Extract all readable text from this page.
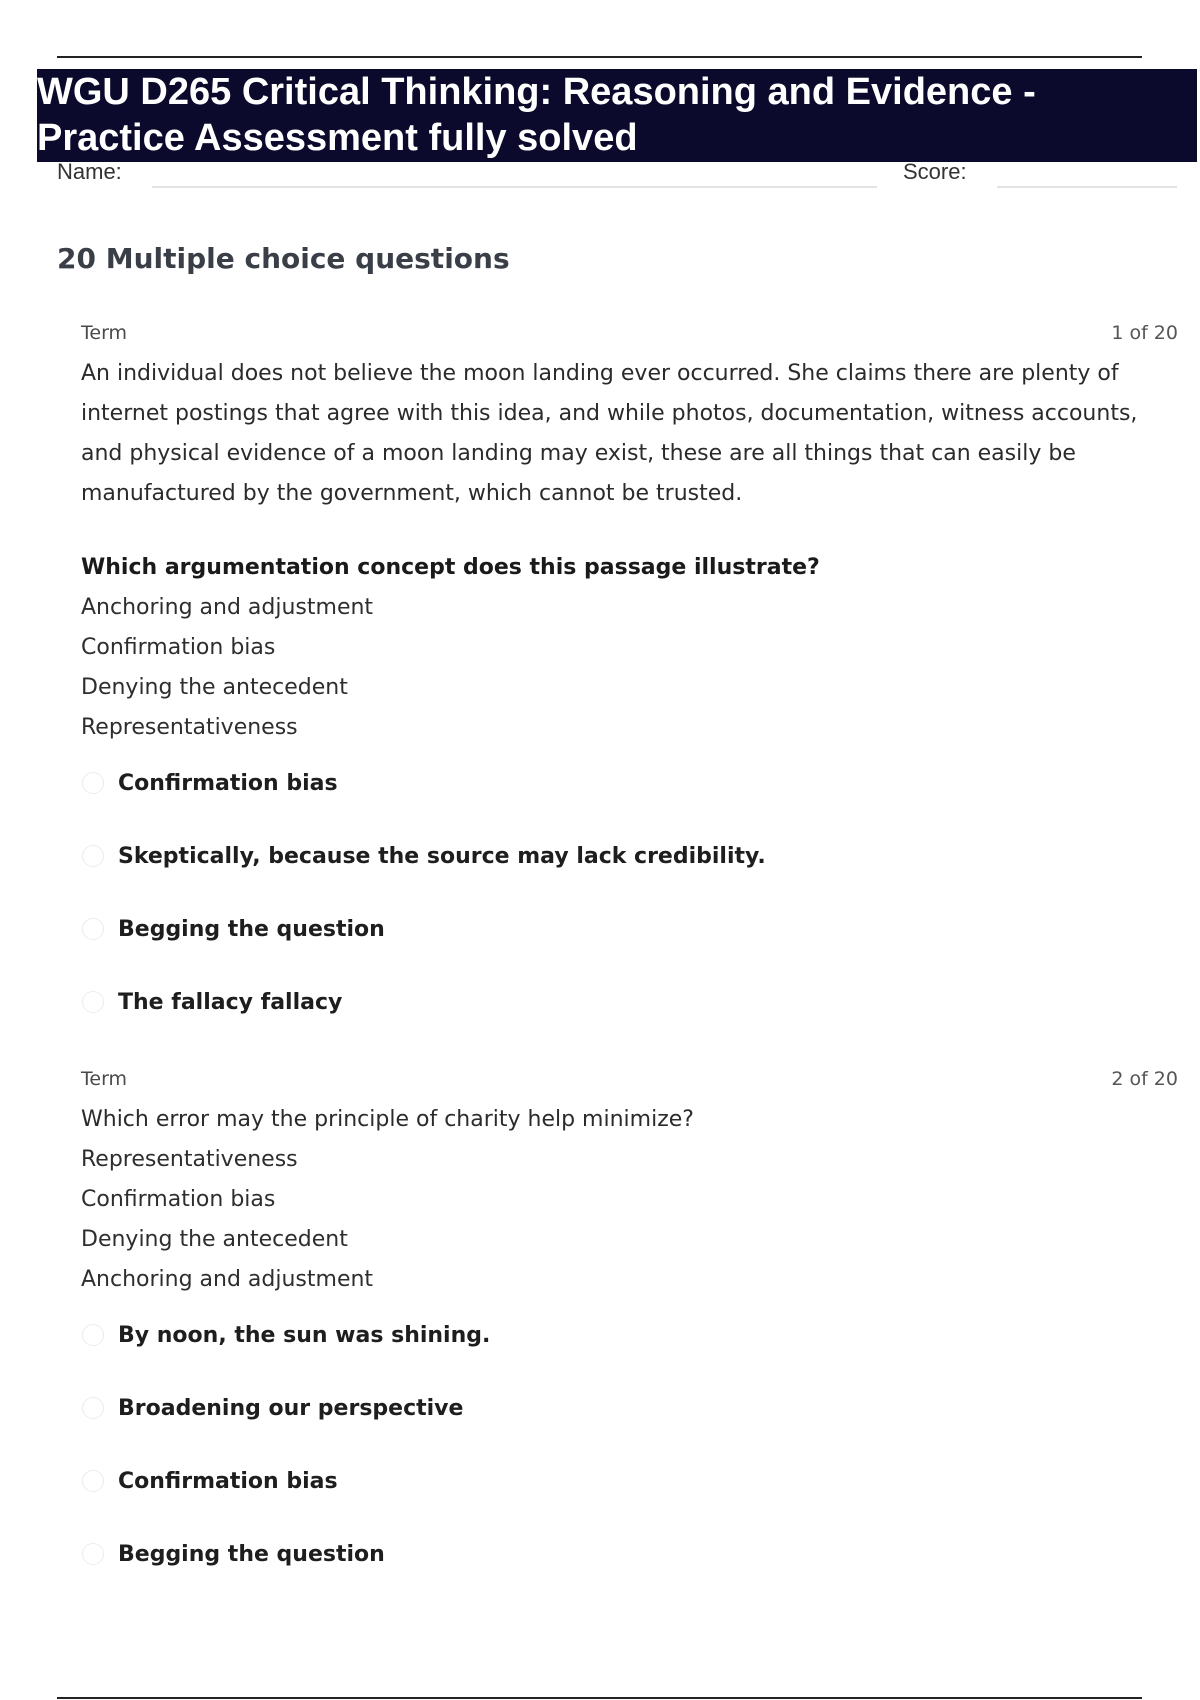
WGU D265 Critical Thinking: Reasoning and Evidence -
Practice Assessment fully solved
Name:	Score:
20 Multiple choice questions
Term	1 of 20

An individual does not believe the moon landing ever occurred. She claims there are plenty of internet postings that agree with this idea, and while photos, documentation, witness accounts, and physical evidence of a moon landing may exist, these are all things that can easily be manufactured by the government, which cannot be trusted.

Which argumentation concept does this passage illustrate?

Anchoring and adjustment
Confirmation bias
Denying the antecedent
Representativeness
Confirmation bias
Skeptically, because the source may lack credibility.
Begging the question
The fallacy fallacy
Term	2 of 20

Which error may the principle of charity help minimize?

Representativeness
Confirmation bias
Denying the antecedent
Anchoring and adjustment
By noon, the sun was shining.
Broadening our perspective
Confirmation bias
Begging the question
